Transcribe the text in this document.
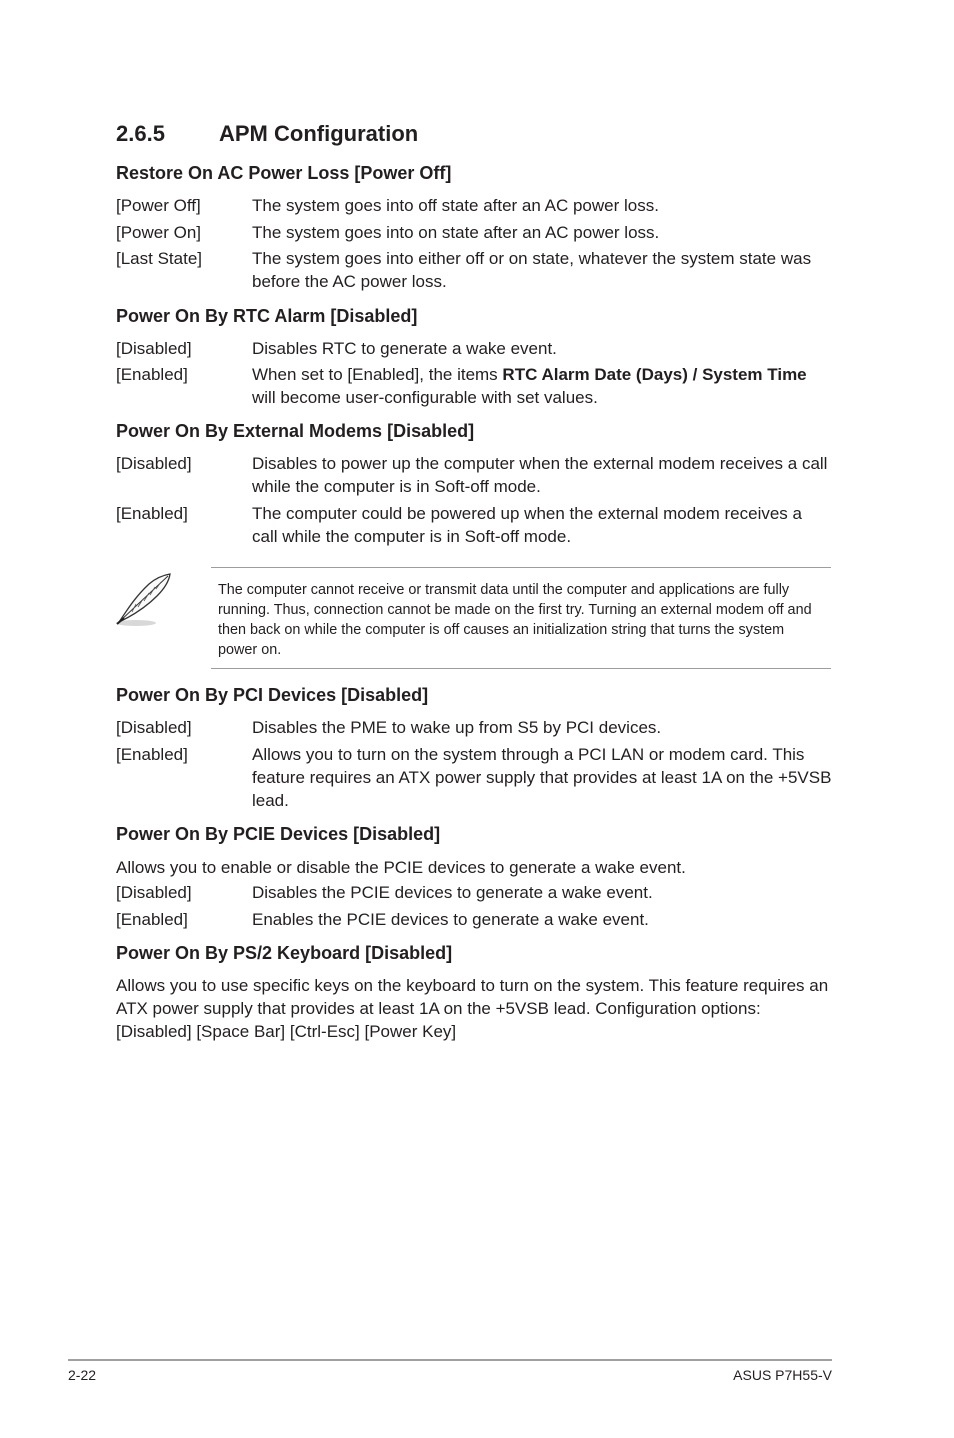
2.6.5 APM Configuration
Restore On AC Power Loss [Power Off]
[Power Off]	The system goes into off state after an AC power loss.
[Power On]	The system goes into on state after an AC power loss.
[Last State]	The system goes into either off or on state, whatever the system state was before the AC power loss.
Power On By RTC Alarm [Disabled]
[Disabled]	Disables RTC to generate a wake event.
[Enabled]	When set to [Enabled], the items RTC Alarm Date (Days) / System Time will become user-configurable with set values.
Power On By External Modems [Disabled]
[Disabled]	Disables to power up the computer when the external modem receives a call while the computer is in Soft-off mode.
[Enabled]	The computer could be powered up when the external modem receives a call while the computer is in Soft-off mode.

The computer cannot receive or transmit data until the computer and applications are fully running. Thus, connection cannot be made on the first try. Turning an external modem off and then back on while the computer is off causes an initialization string that turns the system power on.

Power On By PCI Devices [Disabled]
[Disabled]	Disables the PME to wake up from S5 by PCI devices.
[Enabled]	Allows you to turn on the system through a PCI LAN or modem card. This feature requires an ATX power supply that provides at least 1A on the +5VSB lead.
Power On By PCIE Devices [Disabled]

Allows you to enable or disable the PCIE devices to generate a wake event.

[Disabled]	Disables the PCIE devices to generate a wake event.
[Enabled]	Enables the PCIE devices to generate a wake event.
Power On By PS/2 Keyboard [Disabled]

Allows you to use specific keys on the keyboard to turn on the system. This feature requires an ATX power supply that provides at least 1A on the +5VSB lead. Configuration options: [Disabled] [Space Bar] [Ctrl-Esc] [Power Key]

2-22	ASUS P7H55-V
